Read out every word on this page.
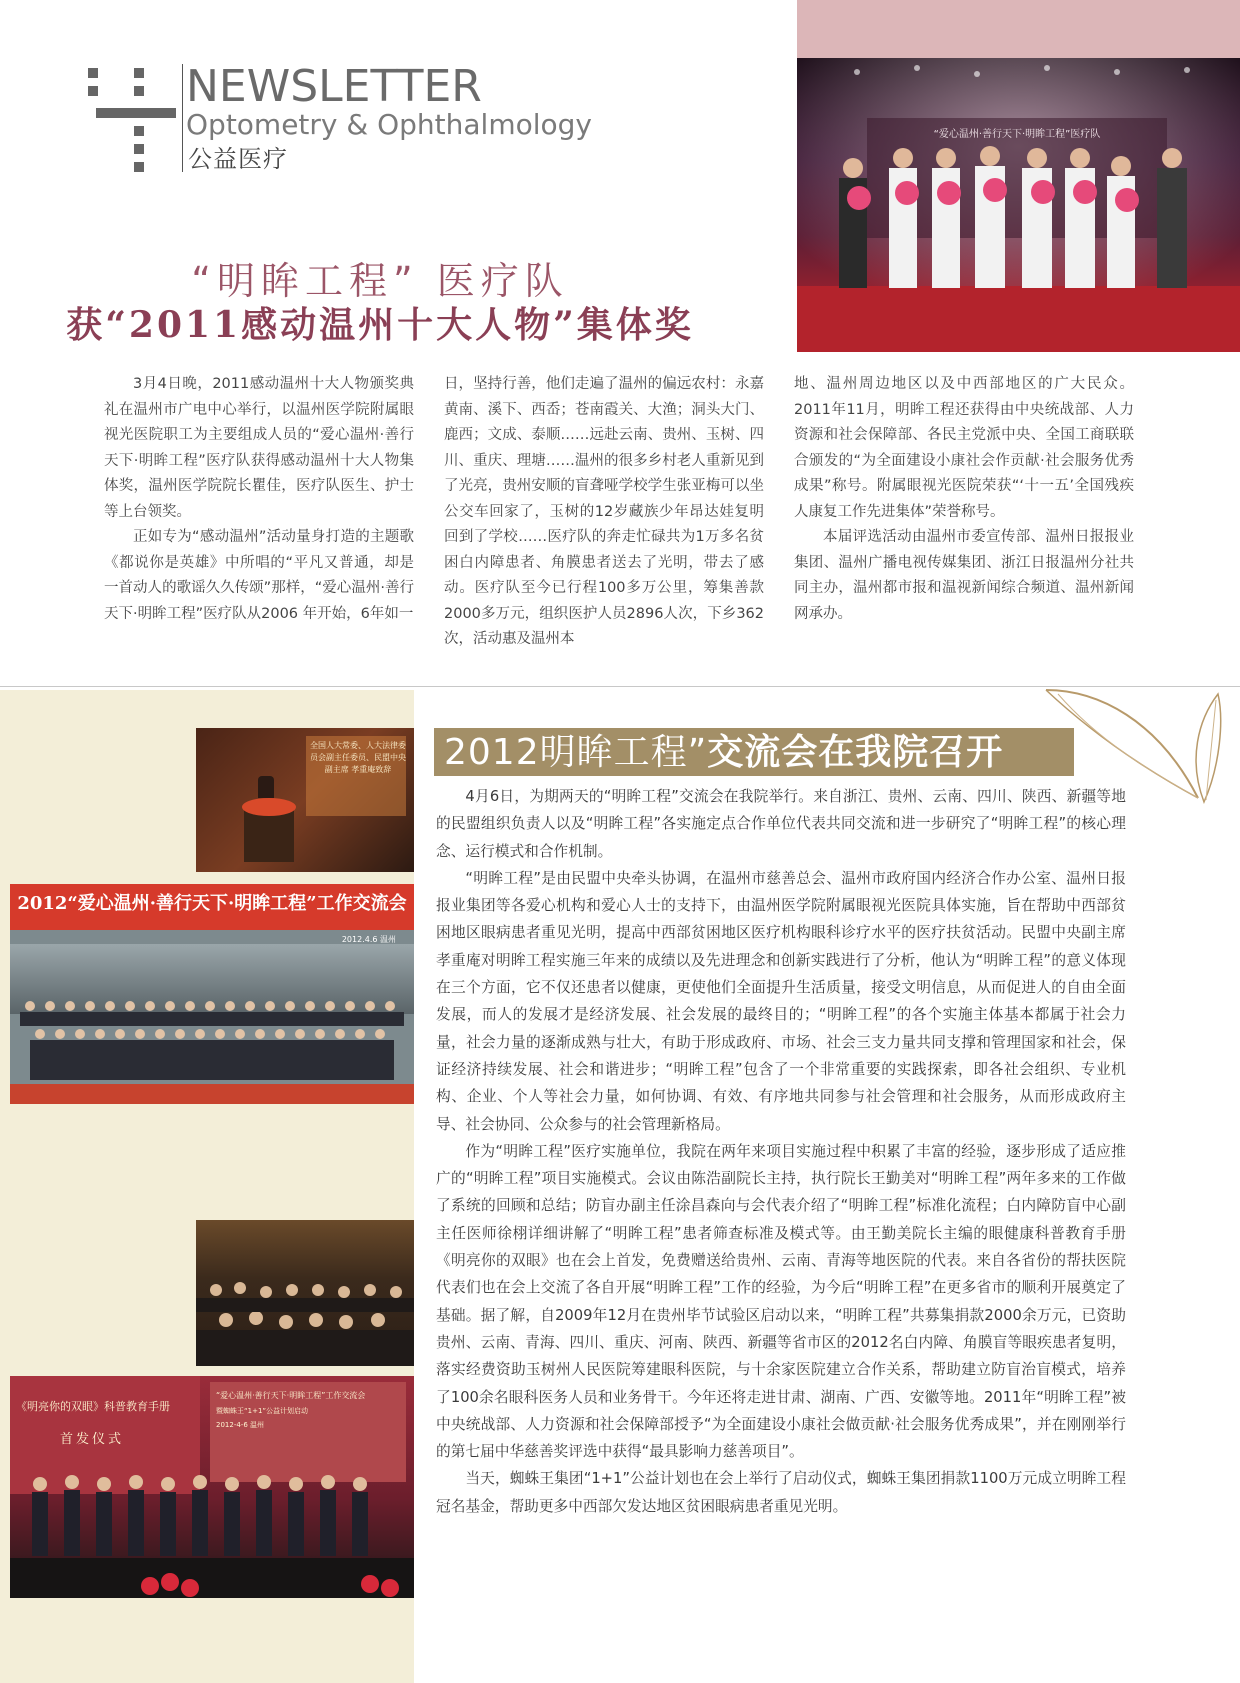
NEWSLETTER
Optometry & Ophthalmology
公益医疗
“爱心温州·善行天下·明眸工程”医疗队
“明眸工程” 医疗队
获“2011感动温州十大人物”集体奖

3月4日晚，2011感动温州十大人物颁奖典礼在温州市广电中心举行，以温州医学院附属眼视光医院职工为主要组成人员的“爱心温州·善行天下·明眸工程”医疗队获得感动温州十大人物集体奖，温州医学院院长瞿佳，医疗队医生、护士等上台领奖。

正如专为“感动温州”活动量身打造的主题歌《都说你是英雄》中所唱的“平凡又普通，却是一首动人的歌谣久久传颂”那样，“爱心温州·善行天下·明眸工程”医疗队从2006 年开始，6年如一

日，坚持行善，他们走遍了温州的偏远农村：永嘉黄南、溪下、西岙；苍南霞关、大渔；洞头大门、鹿西；文成、泰顺……远赴云南、贵州、玉树、四川、重庆、理塘……温州的很多乡村老人重新见到了光亮，贵州安顺的盲聋哑学校学生张亚梅可以坐公交车回家了，玉树的12岁藏族少年昂达娃复明回到了学校……医疗队的奔走忙碌共为1万多名贫困白内障患者、角膜患者送去了光明，带去了感动。医疗队至今已行程100多万公里，筹集善款2000多万元，组织医护人员2896人次，下乡362次，活动惠及温州本

地、温州周边地区以及中西部地区的广大民众。2011年11月，明眸工程还获得由中央统战部、人力资源和社会保障部、各民主党派中央、全国工商联联合颁发的“为全面建设小康社会作贡献·社会服务优秀成果”称号。附属眼视光医院荣获“‘十一五’全国残疾人康复工作先进集体”荣誉称号。

本届评选活动由温州市委宣传部、温州日报报业集团、温州广播电视传媒集团、浙江日报温州分社共同主办，温州都市报和温视新闻综合频道、温州新闻网承办。

全国人大常委、人大法律委员会副主任委员、民盟中央副主席 孝重庵致辞
2012“爱心温州·善行天下·明眸工程”工作交流会
2012.4.6 温州
《明亮你的双眼》科普教育手册
首发仪式
“爱心温州·善行天下·明眸工程”工作交流会
暨蜘蛛王“1+1”公益计划启动
2012-4-6 温州
2012明眸工程”交流会在我院召开

4月6日，为期两天的“明眸工程”交流会在我院举行。来自浙江、贵州、云南、四川、陕西、新疆等地的民盟组织负责人以及“明眸工程”各实施定点合作单位代表共同交流和进一步研究了“明眸工程”的核心理念、运行模式和合作机制。

“明眸工程”是由民盟中央牵头协调，在温州市慈善总会、温州市政府国内经济合作办公室、温州日报报业集团等各爱心机构和爱心人士的支持下，由温州医学院附属眼视光医院具体实施，旨在帮助中西部贫困地区眼病患者重见光明，提高中西部贫困地区医疗机构眼科诊疗水平的医疗扶贫活动。民盟中央副主席孝重庵对明眸工程实施三年来的成绩以及先进理念和创新实践进行了分析，他认为“明眸工程”的意义体现在三个方面，它不仅还患者以健康，更使他们全面提升生活质量，接受文明信息，从而促进人的自由全面发展，而人的发展才是经济发展、社会发展的最终目的；“明眸工程”的各个实施主体基本都属于社会力量，社会力量的逐渐成熟与壮大，有助于形成政府、市场、社会三支力量共同支撑和管理国家和社会，保证经济持续发展、社会和谐进步；“明眸工程”包含了一个非常重要的实践探索，即各社会组织、专业机构、企业、个人等社会力量，如何协调、有效、有序地共同参与社会管理和社会服务，从而形成政府主导、社会协同、公众参与的社会管理新格局。

作为“明眸工程”医疗实施单位，我院在两年来项目实施过程中积累了丰富的经验，逐步形成了适应推广的“明眸工程”项目实施模式。会议由陈浩副院长主持，执行院长王勤美对“明眸工程”两年多来的工作做了系统的回顾和总结；防盲办副主任涂昌森向与会代表介绍了“明眸工程”标准化流程；白内障防盲中心副主任医师徐栩详细讲解了“明眸工程”患者筛查标准及模式等。由王勤美院长主编的眼健康科普教育手册《明亮你的双眼》也在会上首发，免费赠送给贵州、云南、青海等地医院的代表。来自各省份的帮扶医院代表们也在会上交流了各自开展“明眸工程”工作的经验，为今后“明眸工程”在更多省市的顺利开展奠定了基础。据了解，自2009年12月在贵州毕节试验区启动以来，“明眸工程”共募集捐款2000余万元，已资助贵州、云南、青海、四川、重庆、河南、陕西、新疆等省市区的2012名白内障、角膜盲等眼疾患者复明，落实经费资助玉树州人民医院筹建眼科医院，与十余家医院建立合作关系，帮助建立防盲治盲模式，培养了100余名眼科医务人员和业务骨干。今年还将走进甘肃、湖南、广西、安徽等地。2011年“明眸工程”被中央统战部、人力资源和社会保障部授予“为全面建设小康社会做贡献·社会服务优秀成果”，并在刚刚举行的第七届中华慈善奖评选中获得“最具影响力慈善项目”。

当天，蜘蛛王集团“1+1”公益计划也在会上举行了启动仪式，蜘蛛王集团捐款1100万元成立明眸工程冠名基金，帮助更多中西部欠发达地区贫困眼病患者重见光明。
